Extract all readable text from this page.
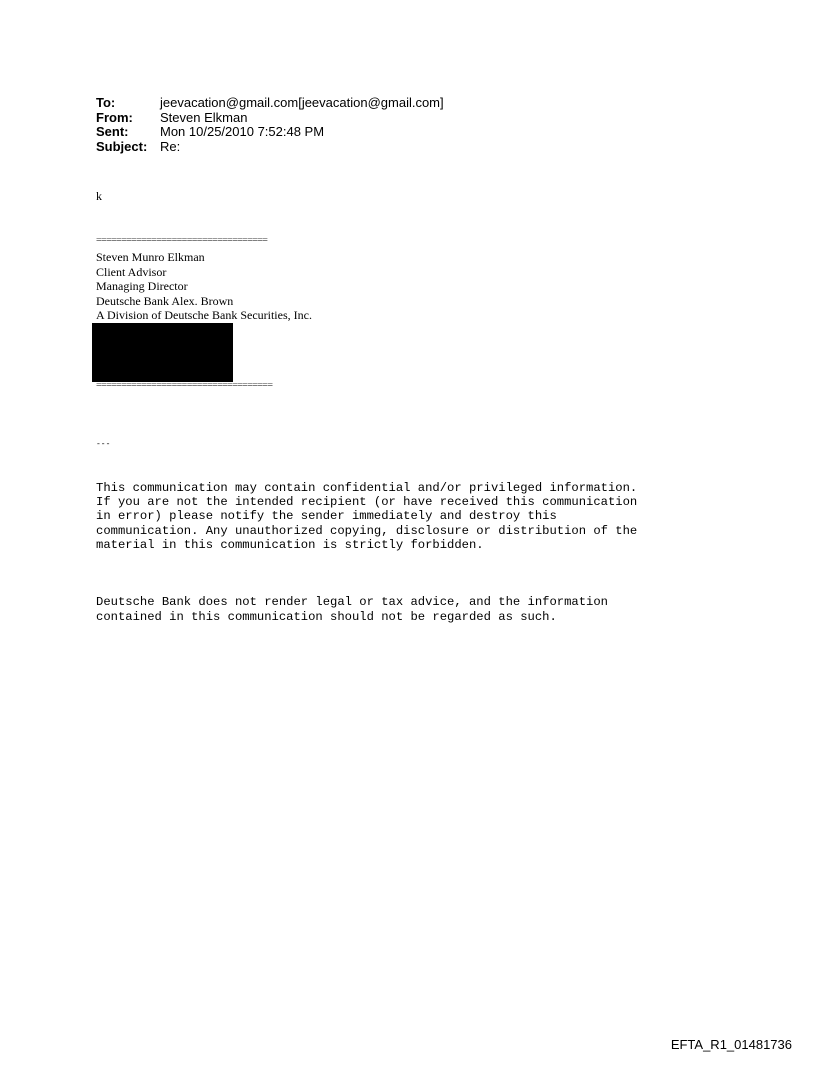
To:	jeevacation@gmail.com[jeevacation@gmail.com]
From:	Steven Elkman
Sent:	Mon 10/25/2010 7:52:48 PM
Subject: Re:
k
==================================
Steven Munro Elkman
Client Advisor
Managing Director
Deutsche Bank Alex. Brown
A Division of Deutsche Bank Securities, Inc.
===================================

---

This communication may contain confidential and/or privileged information.
If you are not the intended recipient (or have received this communication
in error) please notify the sender immediately and destroy this
communication. Any unauthorized copying, disclosure or distribution of the
material in this communication is strictly forbidden.

Deutsche Bank does not render legal or tax advice, and the information
contained in this communication should not be regarded as such.

EFTA_R1_01481736
